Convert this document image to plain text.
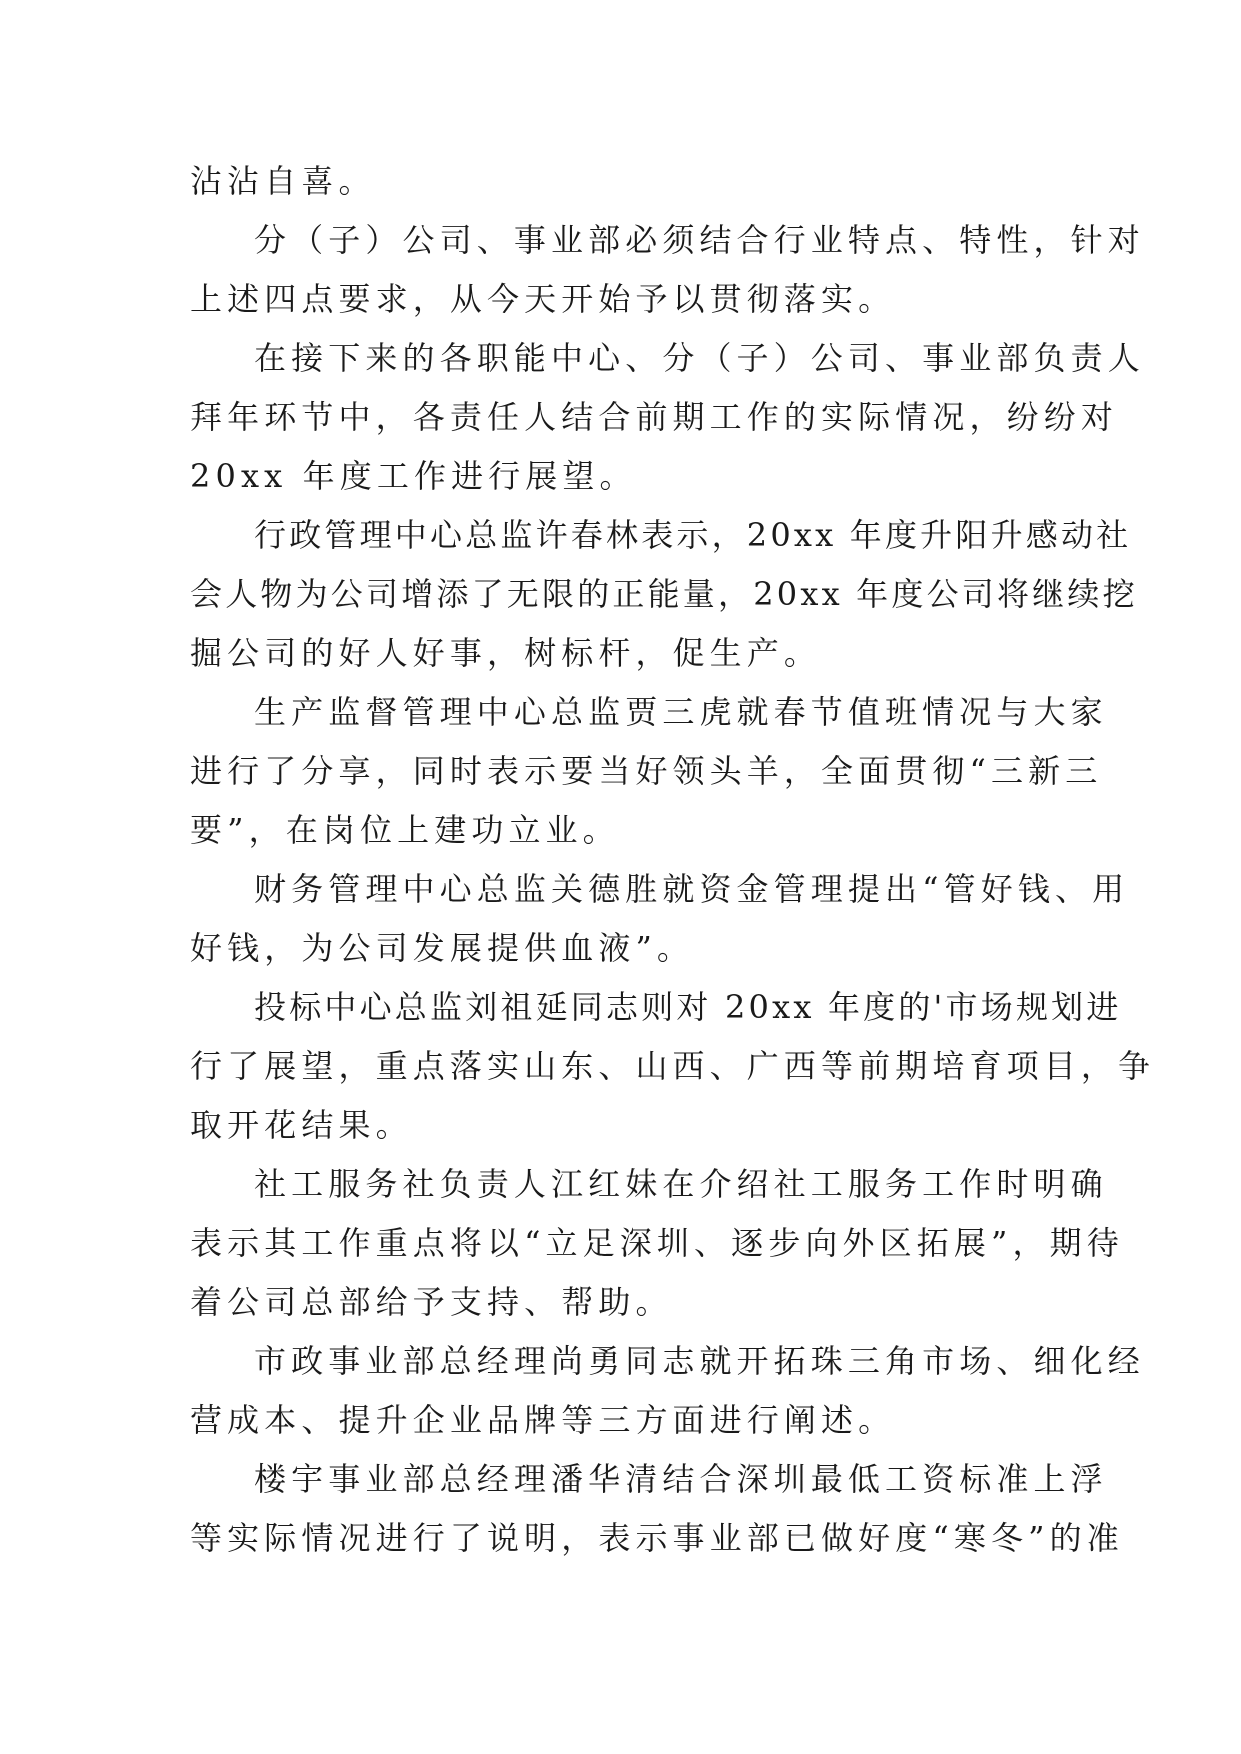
沾沾自喜。
分（子）公司、事业部必须结合行业特点、特性，针对
上述四点要求，从今天开始予以贯彻落实。
在接下来的各职能中心、分（子）公司、事业部负责人
拜年环节中，各责任人结合前期工作的实际情况，纷纷对
20xx 年度工作进行展望。
行政管理中心总监许春林表示，20xx 年度升阳升感动社
会人物为公司增添了无限的正能量，20xx 年度公司将继续挖
掘公司的好人好事，树标杆，促生产。
生产监督管理中心总监贾三虎就春节值班情况与大家
进行了分享，同时表示要当好领头羊，全面贯彻“三新三
要”，在岗位上建功立业。
财务管理中心总监关德胜就资金管理提出“管好钱、用
好钱，为公司发展提供血液”。
投标中心总监刘祖延同志则对 20xx 年度的'市场规划进
行了展望，重点落实山东、山西、广西等前期培育项目，争
取开花结果。
社工服务社负责人江红妹在介绍社工服务工作时明确
表示其工作重点将以“立足深圳、逐步向外区拓展”，期待
着公司总部给予支持、帮助。
市政事业部总经理尚勇同志就开拓珠三角市场、细化经
营成本、提升企业品牌等三方面进行阐述。
楼宇事业部总经理潘华清结合深圳最低工资标准上浮
等实际情况进行了说明，表示事业部已做好度“寒冬”的准
